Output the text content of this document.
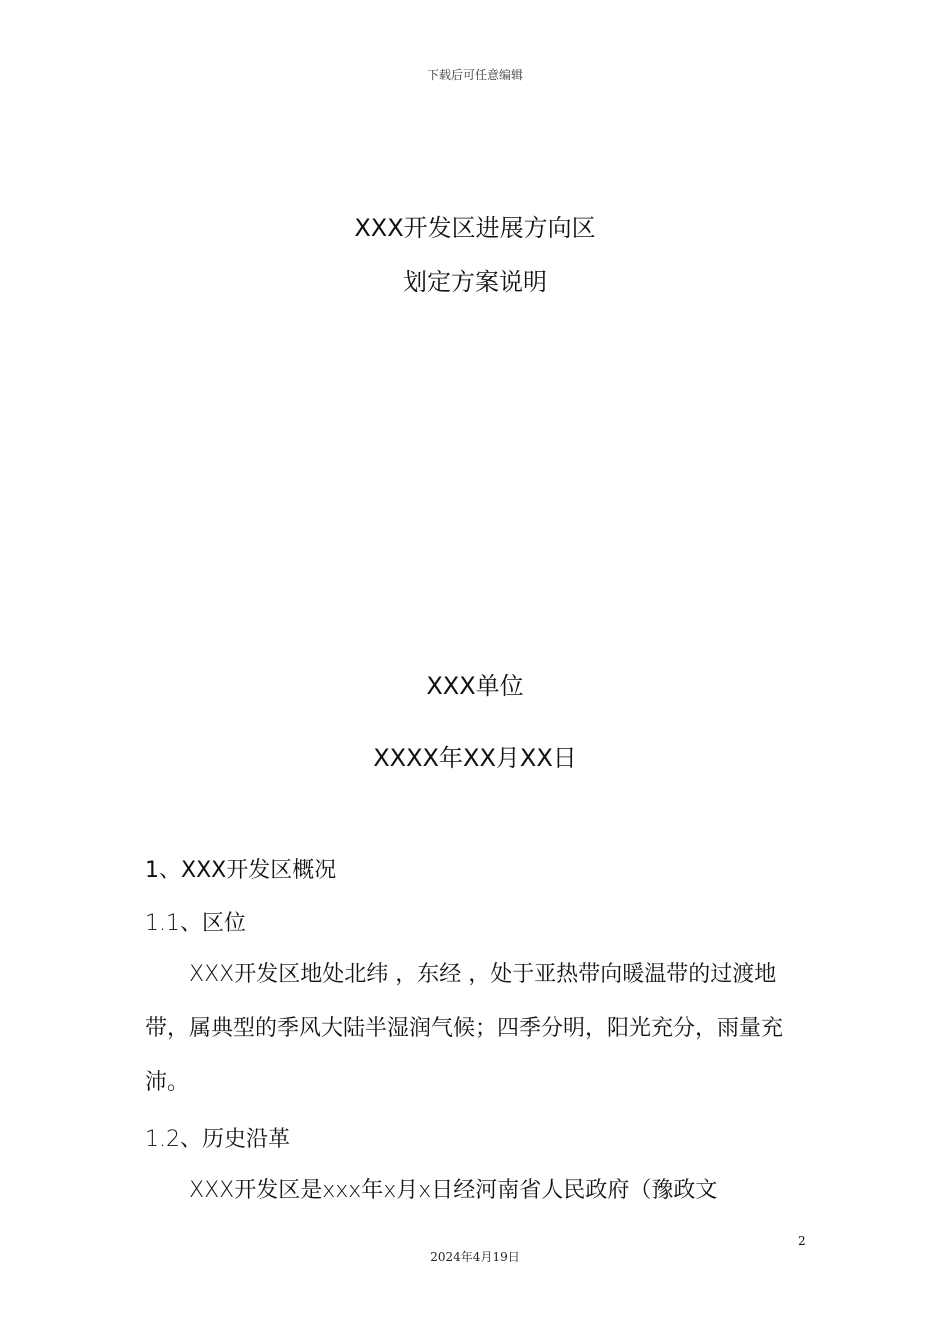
下载后可任意编辑
XXX开发区进展方向区
划定方案说明
XXX单位
XXXX年XX月XX日
1、XXX开发区概况
1.1、区位
XXX开发区地处北纬 ，东经 ，处于亚热带向暖温带的过渡地带，属典型的季风大陆半湿润气候；四季分明，阳光充分，雨量充沛。
1.2、历史沿革
XXX开发区是xxx年x月x日经河南省人民政府（豫政文
2
2024年4月19日
